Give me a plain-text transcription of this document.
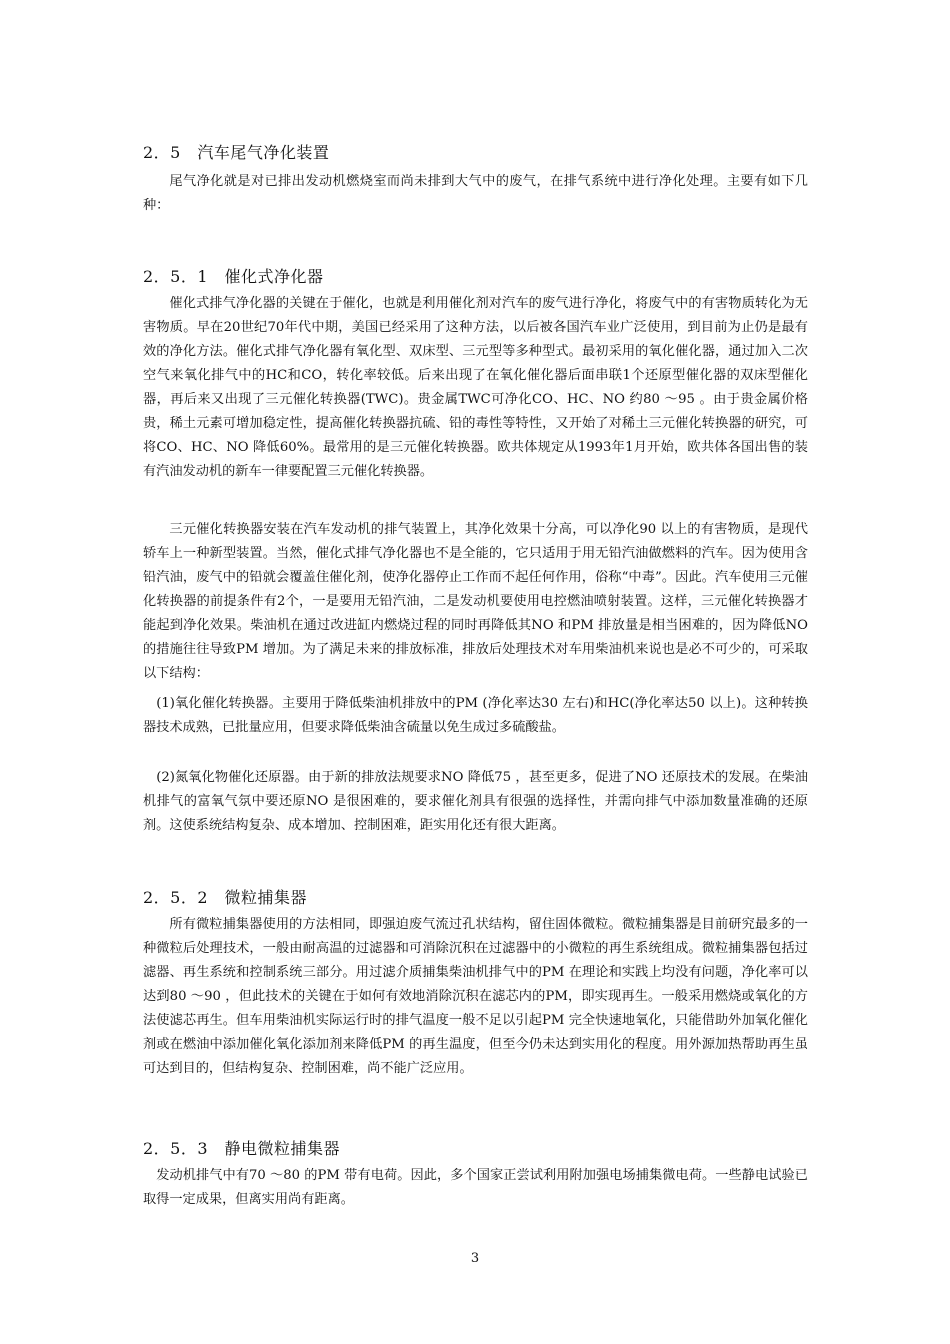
2．5　汽车尾气净化装置

尾气净化就是对已排出发动机燃烧室而尚未排到大气中的废气，在排气系统中进行净化处理。主要有如下几种：

2．5．1　催化式净化器

催化式排气净化器的关键在于催化，也就是利用催化剂对汽车的废气进行净化，将废气中的有害物质转化为无害物质。早在20世纪70年代中期，美国已经采用了这种方法，以后被各国汽车业广泛使用，到目前为止仍是最有效的净化方法。催化式排气净化器有氧化型、双床型、三元型等多种型式。最初采用的氧化催化器，通过加入二次空气来氧化排气中的HC和CO，转化率较低。后来出现了在氧化催化器后面串联1个还原型催化器的双床型催化器，再后来又出现了三元催化转换器(TWC)。贵金属TWC可净化CO、HC、NO 约80 ～95 。由于贵金属价格贵，稀土元素可增加稳定性，提高催化转换器抗硫、铅的毒性等特性，又开始了对稀土三元催化转换器的研究，可将CO、HC、NO 降低60%。最常用的是三元催化转换器。欧共体规定从1993年1月开始，欧共体各国出售的装有汽油发动机的新车一律要配置三元催化转换器。

三元催化转换器安装在汽车发动机的排气装置上，其净化效果十分高，可以净化90 以上的有害物质，是现代轿车上一种新型装置。当然，催化式排气净化器也不是全能的，它只适用于用无铅汽油做燃料的汽车。因为使用含铅汽油，废气中的铅就会覆盖住催化剂，使净化器停止工作而不起任何作用，俗称“中毒”。因此。汽车使用三元催化转换器的前提条件有2个，一是要用无铅汽油，二是发动机要使用电控燃油喷射装置。这样，三元催化转换器才能起到净化效果。柴油机在通过改进缸内燃烧过程的同时再降低其NO 和PM 排放量是相当困难的，因为降低NO 的措施往往导致PM 增加。为了满足未来的排放标准，排放后处理技术对车用柴油机来说也是必不可少的，可采取以下结构：

(1)氧化催化转换器。主要用于降低柴油机排放中的PM (净化率达30 左右)和HC(净化率达50 以上)。这种转换器技术成熟，已批量应用，但要求降低柴油含硫量以免生成过多硫酸盐。

(2)氮氧化物催化还原器。由于新的排放法规要求NO 降低75 ，甚至更多，促进了NO 还原技术的发展。在柴油机排气的富氧气氛中要还原NO 是很困难的，要求催化剂具有很强的选择性，并需向排气中添加数量准确的还原剂。这使系统结构复杂、成本增加、控制困难，距实用化还有很大距离。

2．5．2　微粒捕集器

所有微粒捕集器使用的方法相同，即强迫废气流过孔状结构，留住固体微粒。微粒捕集器是目前研究最多的一种微粒后处理技术，一般由耐高温的过滤器和可消除沉积在过滤器中的小微粒的再生系统组成。微粒捕集器包括过滤器、再生系统和控制系统三部分。用过滤介质捕集柴油机排气中的PM 在理论和实践上均没有问题，净化率可以达到80 ～90 ，但此技术的关键在于如何有效地消除沉积在滤芯内的PM，即实现再生。一般采用燃烧或氧化的方法使滤芯再生。但车用柴油机实际运行时的排气温度一般不足以引起PM 完全快速地氧化，只能借助外加氧化催化剂或在燃油中添加催化氧化添加剂来降低PM 的再生温度，但至今仍未达到实用化的程度。用外源加热帮助再生虽可达到目的，但结构复杂、控制困难，尚不能广泛应用。

2．5．3　静电微粒捕集器

发动机排气中有70 ～80 的PM 带有电荷。因此，多个国家正尝试利用附加强电场捕集微电荷。一些静电试验已取得一定成果，但离实用尚有距离。

3
